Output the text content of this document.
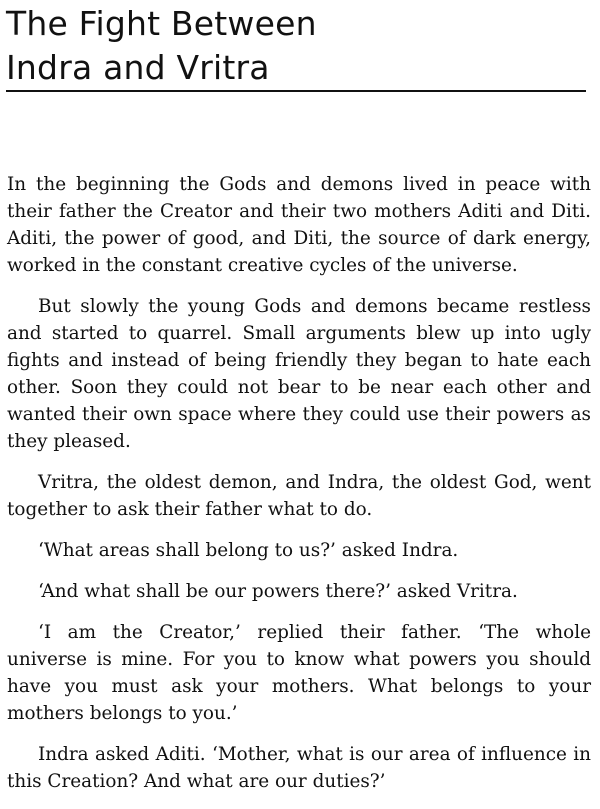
The Fight Between
Indra and Vritra

In the beginning the Gods and demons lived in peace with their father the Creator and their two mothers Aditi and Diti. Aditi, the power of good, and Diti, the source of dark energy, worked in the constant creative cycles of the universe.

But slowly the young Gods and demons became restless and started to quarrel. Small arguments blew up into ugly fights and instead of being friendly they began to hate each other. Soon they could not bear to be near each other and wanted their own space where they could use their powers as they pleased.

Vritra, the oldest demon, and Indra, the oldest God, went together to ask their father what to do.

‘What areas shall belong to us?’ asked Indra.

‘And what shall be our powers there?’ asked Vritra.

‘I am the Creator,’ replied their father. ‘The whole universe is mine. For you to know what powers you should have you must ask your mothers. What belongs to your mothers belongs to you.’

Indra asked Aditi. ‘Mother, what is our area of influence in this Creation? And what are our duties?’
